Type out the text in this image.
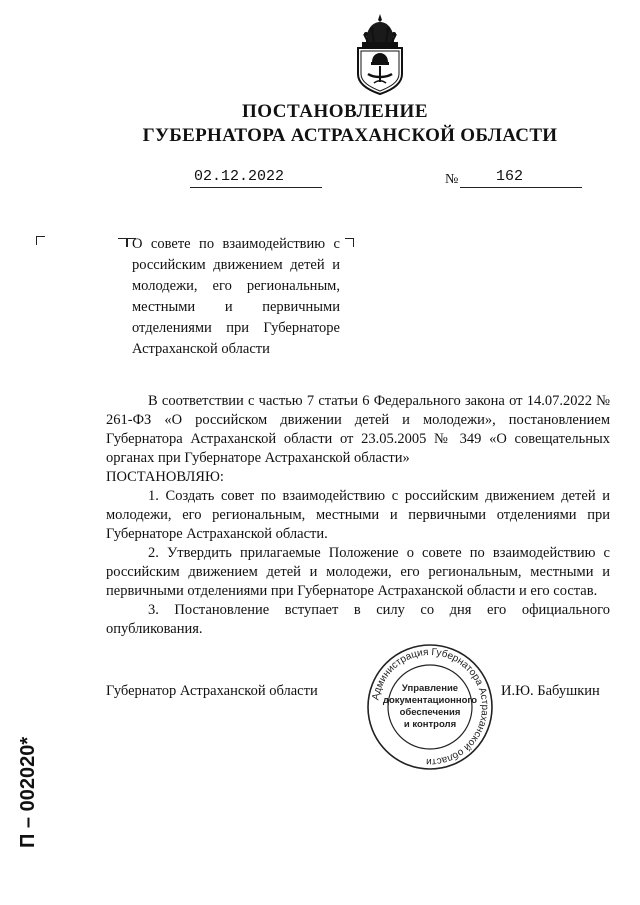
ПОСТАНОВЛЕНИЕ
ГУБЕРНАТОРА АСТРАХАНСКОЙ ОБЛАСТИ
02.12.2022	№	162
О совете по взаимодействию с российским движением детей и молодежи, его региональным, местными и первичными отделениями при Губернаторе Астраханской области

В соответствии с частью 7 статьи 6 Федерального закона от 14.07.2022 № 261-ФЗ «О российском движении детей и молодежи», постановлением Губернатора Астраханской области от 23.05.2005 № 349 «О совещательных органах при Губернаторе Астраханской области»

ПОСТАНОВЛЯЮ:

1. Создать совет по взаимодействию с российским движением детей и молодежи, его региональным, местными и первичными отделениями при Губернаторе Астраханской области.

2. Утвердить прилагаемые Положение о совете по взаимодействию с российским движением детей и молодежи, его региональным, местными и первичными отделениями при Губернаторе Астраханской области и его состав.

3. Постановление вступает в силу со дня его официального опубликования.

Губернатор Астраханской области	И.Ю. Бабушкин
Администрация Губернатора Астраханской области
Управление
документационного
обеспечения
и контроля
П – 002020*
